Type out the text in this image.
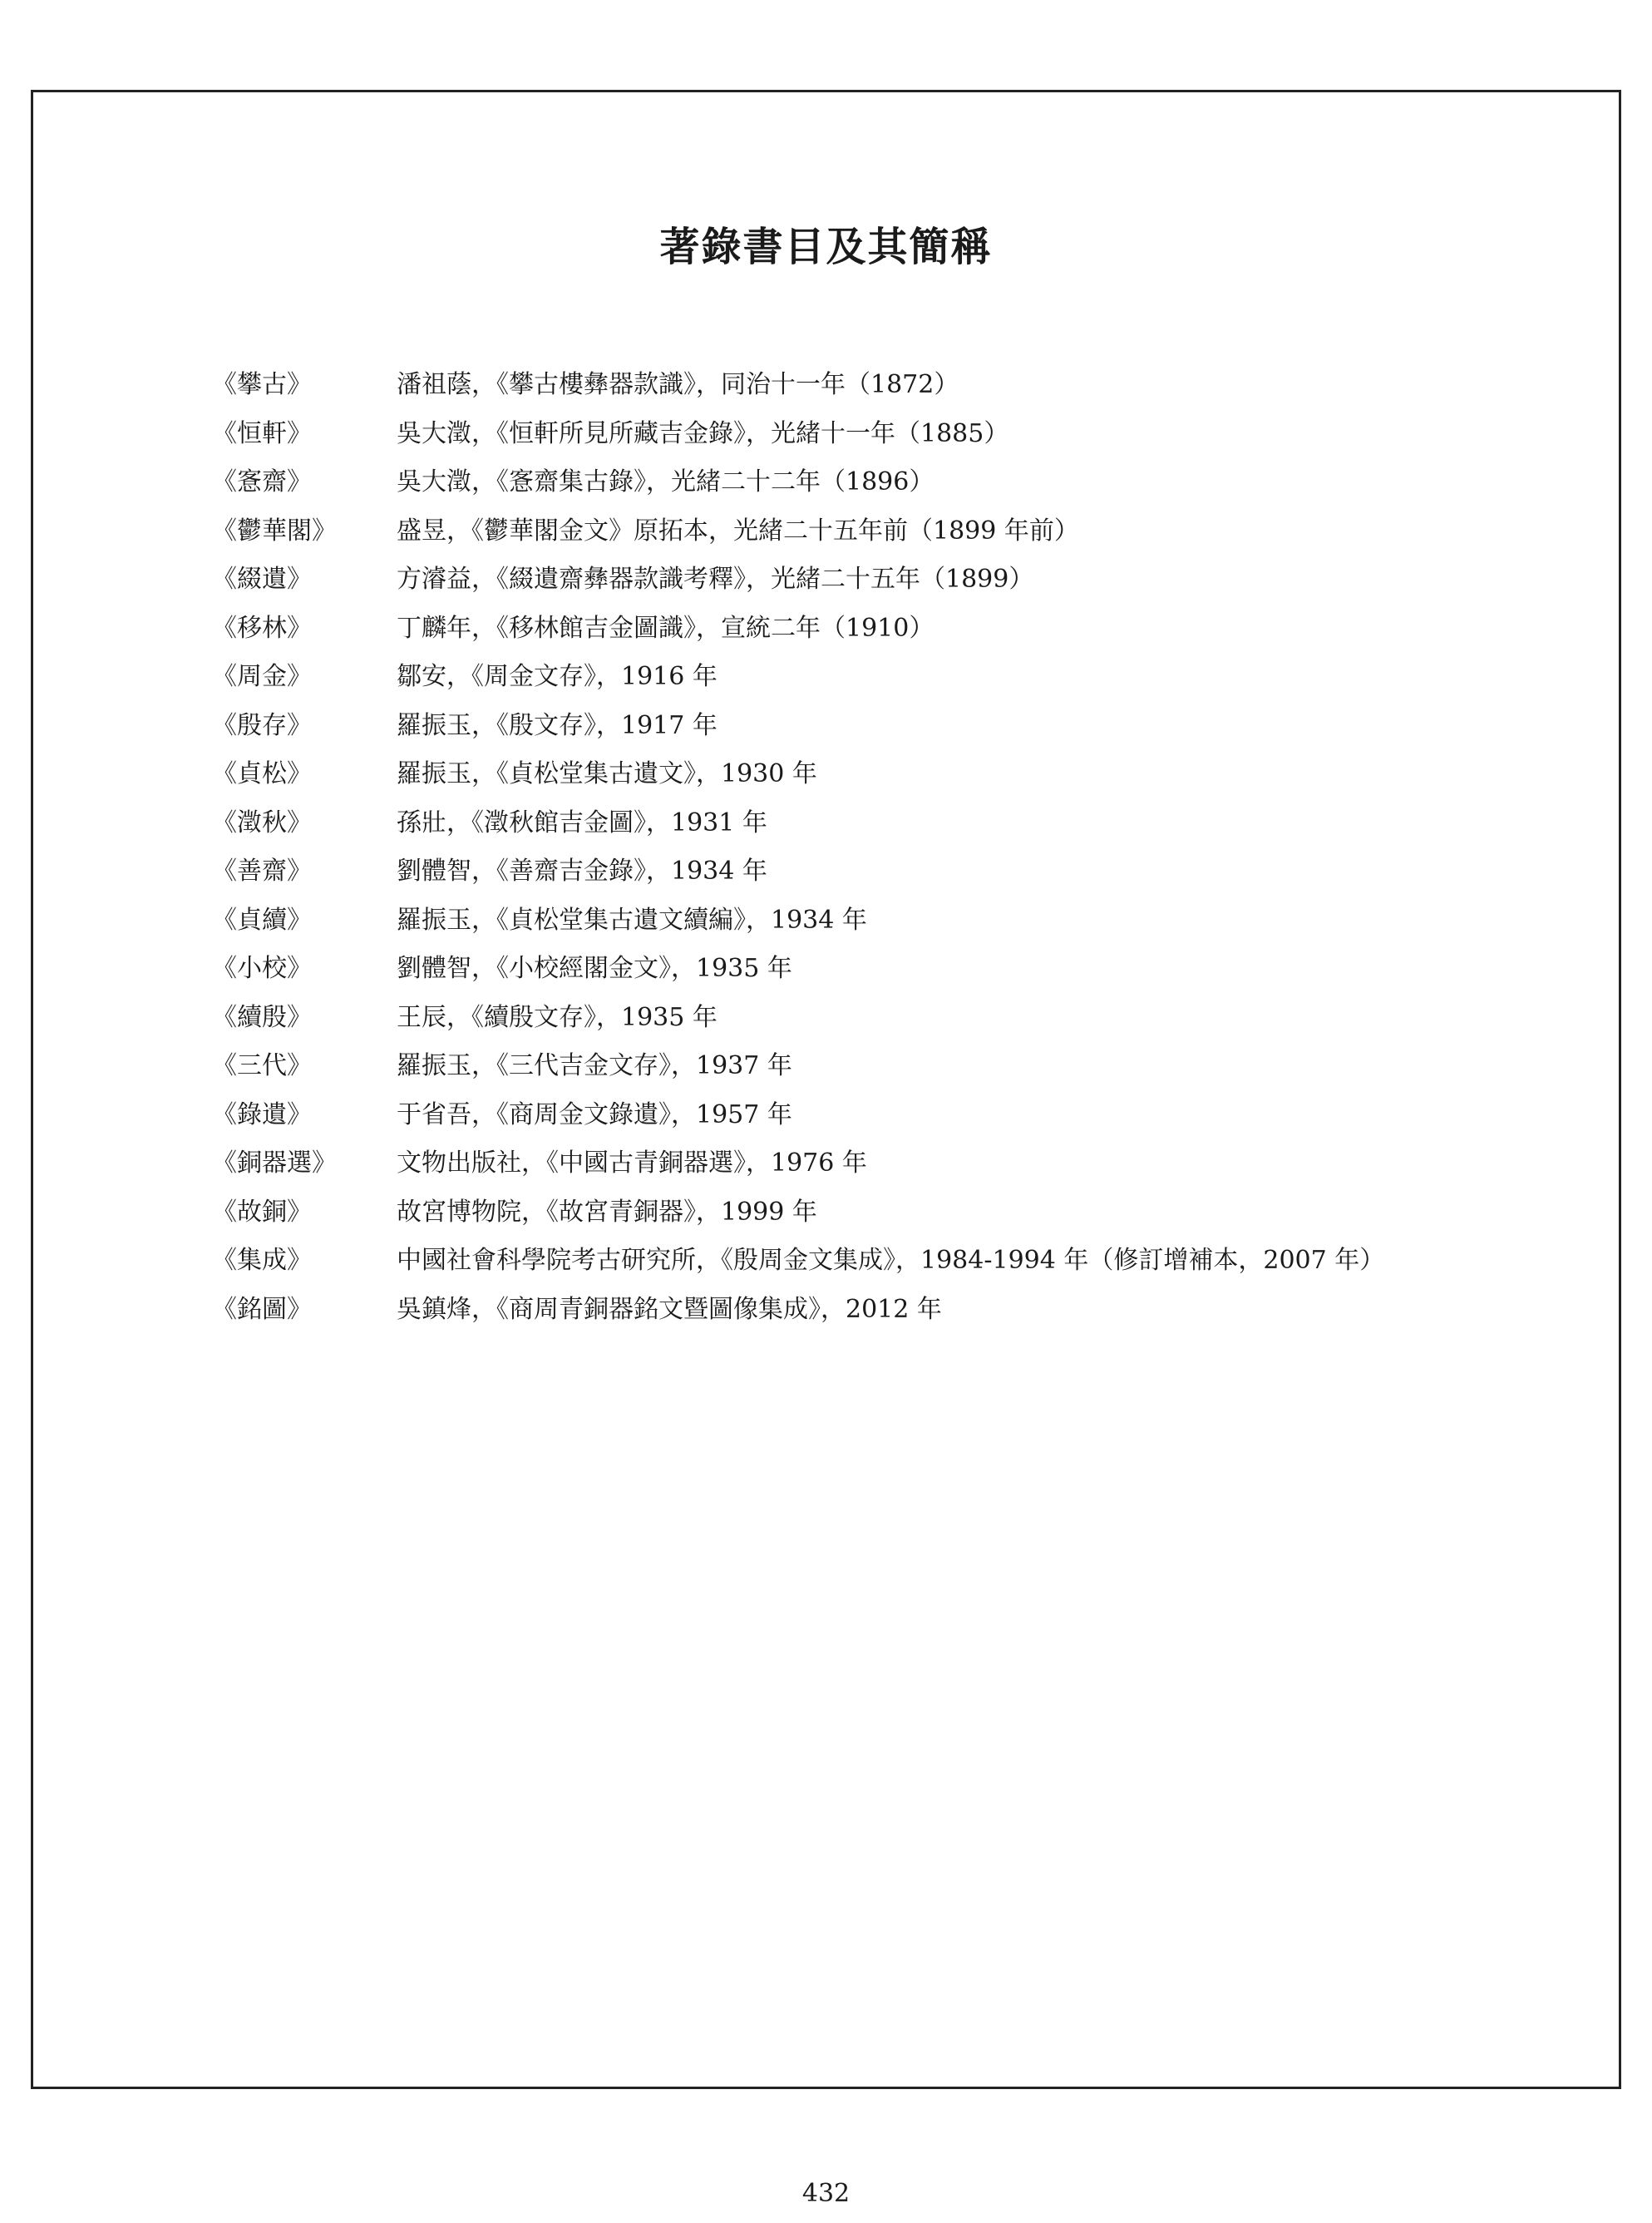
著錄書目及其簡稱
《攀古》	潘祖蔭，《攀古樓彝器款識》，同治十一年（1872）
《恒軒》	吳大澂，《恒軒所見所藏吉金錄》，光緒十一年（1885）
《愙齋》	吳大澂，《愙齋集古錄》，光緒二十二年（1896）
《鬱華閣》	盛昱，《鬱華閣金文》原拓本，光緒二十五年前（1899 年前）
《綴遺》	方濬益，《綴遺齋彝器款識考釋》，光緒二十五年（1899）
《移林》	丁麟年，《移林館吉金圖識》，宣統二年（1910）
《周金》	鄒安，《周金文存》，1916 年
《殷存》	羅振玉，《殷文存》，1917 年
《貞松》	羅振玉，《貞松堂集古遺文》，1930 年
《澂秋》	孫壯，《澂秋館吉金圖》，1931 年
《善齋》	劉體智，《善齋吉金錄》，1934 年
《貞續》	羅振玉，《貞松堂集古遺文續編》，1934 年
《小校》	劉體智，《小校經閣金文》，1935 年
《續殷》	王辰，《續殷文存》，1935 年
《三代》	羅振玉，《三代吉金文存》，1937 年
《錄遺》	于省吾，《商周金文錄遺》，1957 年
《銅器選》	文物出版社，《中國古青銅器選》，1976 年
《故銅》	故宮博物院，《故宮青銅器》，1999 年
《集成》	中國社會科學院考古研究所，《殷周金文集成》，1984-1994 年（修訂增補本，2007 年）
《銘圖》	吳鎮烽，《商周青銅器銘文暨圖像集成》，2012 年
432
